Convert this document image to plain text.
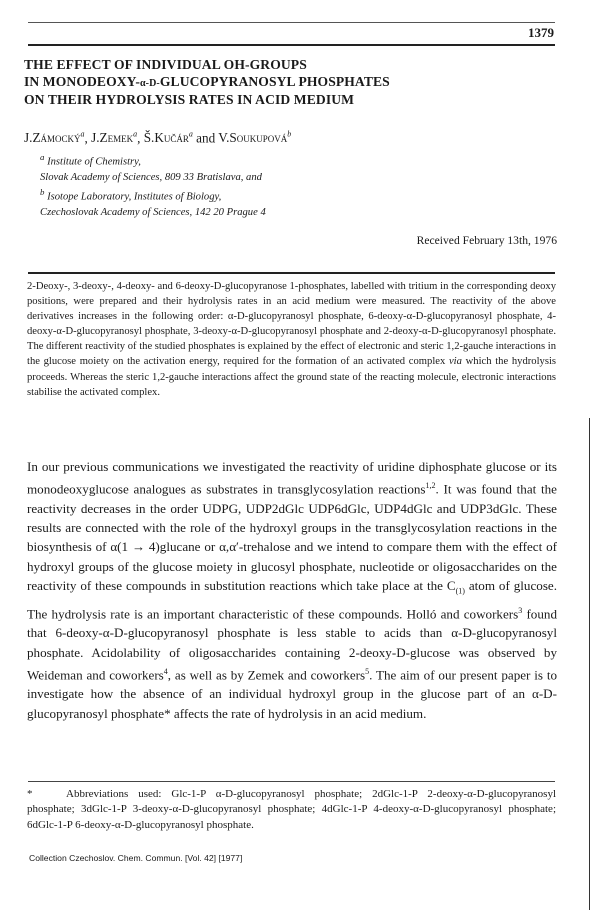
1379
THE EFFECT OF INDIVIDUAL OH-GROUPS
IN MONODEOXY-α-D-GLUCOPYRANOSYL PHOSPHATES
ON THEIR HYDROLYSIS RATES IN ACID MEDIUM
J.Zámocký$^a$, J.Zemek$^a$, Š.Kučár$^a$ and V.Soukupová$^b$
$^a$ Institute of Chemistry,
Slovak Academy of Sciences, 809 33 Bratislava, and
$^b$ Isotope Laboratory, Institutes of Biology,
Czechoslovak Academy of Sciences, 142 20 Prague 4
Received February 13th, 1976
2-Deoxy-, 3-deoxy-, 4-deoxy- and 6-deoxy-D-glucopyranose 1-phosphates, labelled with tritium in the corresponding deoxy positions, were prepared and their hydrolysis rates in an acid medium were measured. The reactivity of the above derivatives increases in the following order: α-D-glucopyranosyl phosphate, 6-deoxy-α-D-glucopyranosyl phosphate, 4-deoxy-α-D-glucopyranosyl phosphate, 3-deoxy-α-D-glucopyranosyl phosphate and 2-deoxy-α-D-glucopyranosyl phosphate. The different reactivity of the studied phosphates is explained by the effect of electronic and steric 1,2-gauche interactions in the glucose moiety on the activation energy, required for the formation of an activated complex via which the hydrolysis proceeds. Whereas the steric 1,2-gauche interactions affect the ground state of the reacting molecule, electronic interactions stabilise the activated complex.
In our previous communications we investigated the reactivity of uridine diphosphate glucose or its monodeoxyglucose analogues as substrates in transglycosylation reactions$^{1,2}$. It was found that the reactivity decreases in the order UDPG, UDP2dGlc UDP6dGlc, UDP4dGlc and UDP3dGlc. These results are connected with the role of the hydroxyl groups in the transglycosylation reactions in the biosynthesis of α(1 → 4)glucane or α,α′-trehalose and we intend to compare them with the effect of hydroxyl groups of the glucose moiety in glucosyl phosphate, nucleotide or oligosaccharides on the reactivity of these compounds in substitution reactions which take place at the $C_{(1)}$ atom of glucose. The hydrolysis rate is an important characteristic of these compounds. Holló and coworkers$^3$ found that 6-deoxy-α-D-glucopyranosyl phosphate is less stable to acids than α-D-glucopyranosyl phosphate. Acidolability of oligosaccharides containing 2-deoxy-D-glucose was observed by Weideman and coworkers$^4$, as well as by Zemek and coworkers$^5$. The aim of our present paper is to investigate how the absence of an individual hydroxyl group in the glucose part of an α-D-glucopyranosyl phosphate* affects the rate of hydrolysis in an acid medium.
*	Abbreviations used: Glc-1-P α-D-glucopyranosyl phosphate; 2dGlc-1-P 2-deoxy-α-D-glucopyranosyl phosphate; 3dGlc-1-P 3-deoxy-α-D-glucopyranosyl phosphate; 4dGlc-1-P 4-deoxy-α-D-glucopyranosyl phosphate; 6dGlc-1-P 6-deoxy-α-D-glucopyranosyl phosphate.
Collection Czechoslov. Chem. Commun. [Vol. 42] [1977]
